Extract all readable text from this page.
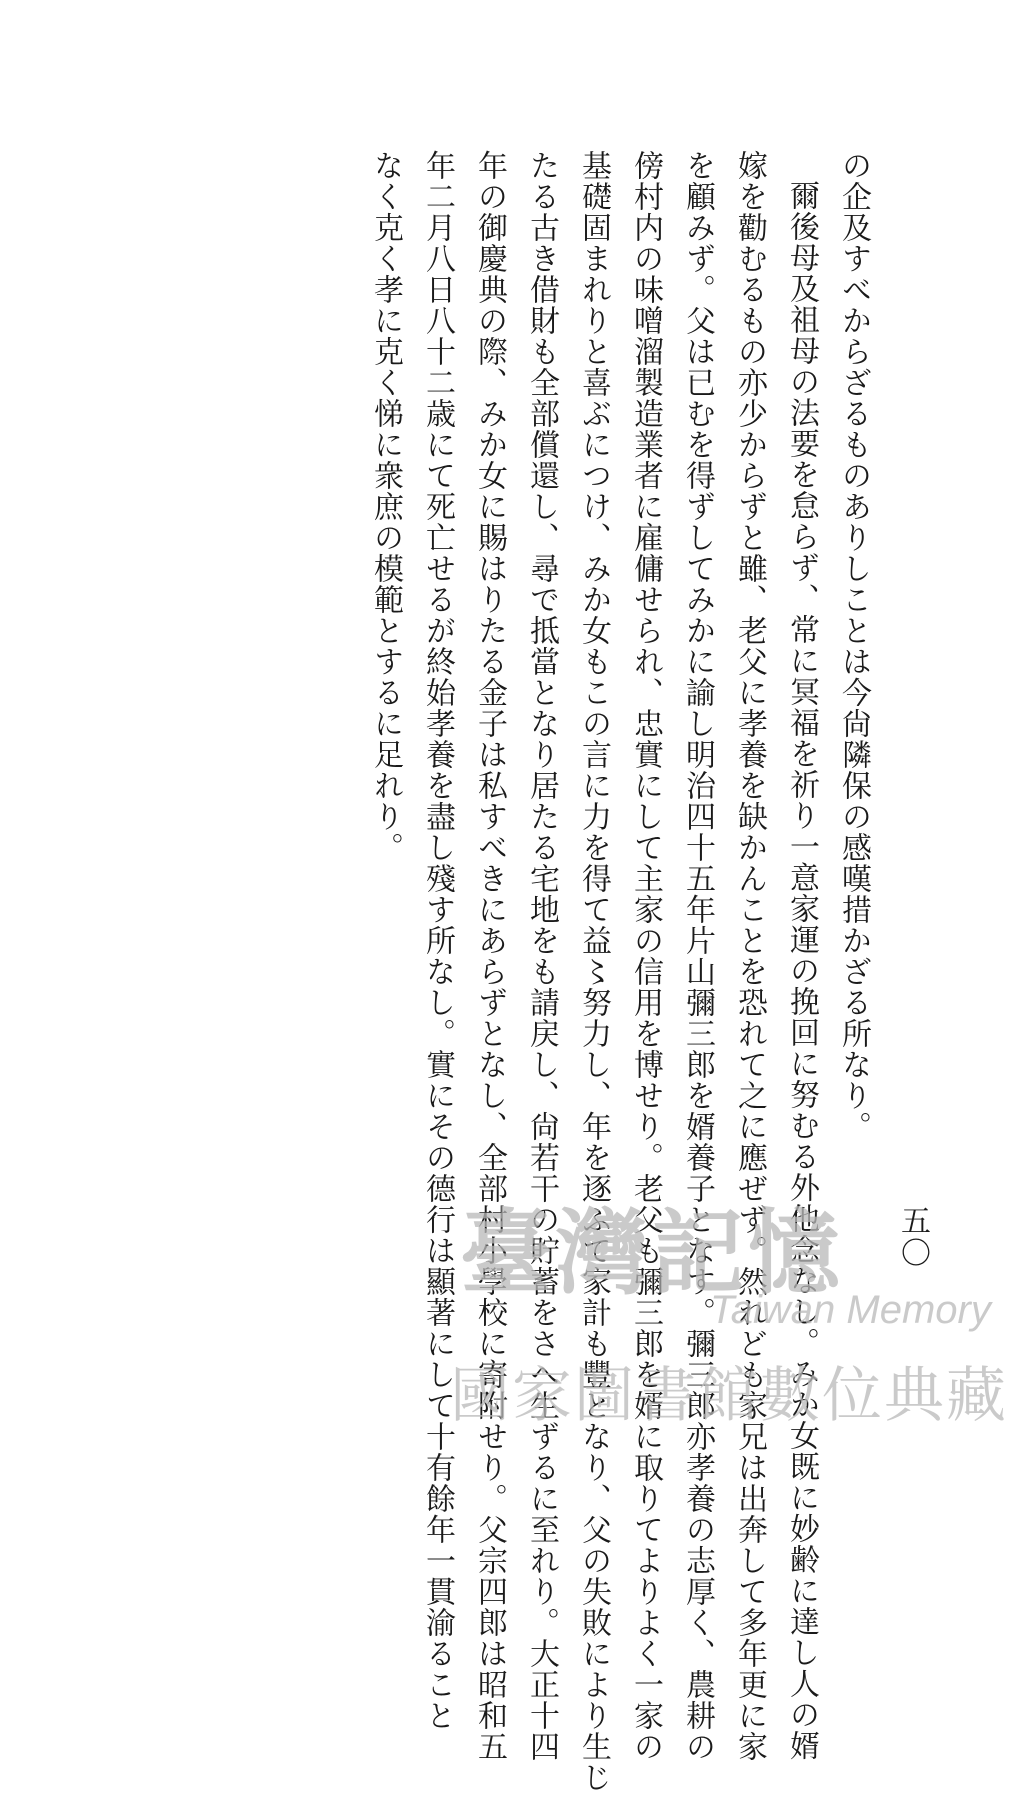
五〇
の企及すべからざるものありしことは今尙隣保の感嘆措かざる所なり。
爾後母及祖母の法要を怠らず、常に冥福を祈り一意家運の挽回に努むる外他念なし。みか女既に妙齢に達し人の婿
嫁を勸むるもの亦少からずと雖、老父に孝養を缺かんことを恐れて之に應ぜず。然れども家兄は出奔して多年更に家
を顧みず。父は已むを得ずしてみかに諭し明治四十五年片山彌三郎を婿養子となす。彌三郎亦孝養の志厚く、農耕の
傍村内の味噌溜製造業者に雇傭せられ、忠實にして主家の信用を博せり。老父も彌三郎を婿に取りてよりよく一家の
基礎固まれりと喜ぶにつけ、みか女もこの言に力を得て益〻努力し、年を逐ふて家計も豐となり、父の失敗により生じ
たる古き借財も全部償還し、尋で抵當となり居たる宅地をも請戻し、尙若干の貯蓄をさへ生ずるに至れり。大正十四
年の御慶典の際、みか女に賜はりたる金子は私すべきにあらずとなし、全部村小學校に寄附せり。父宗四郎は昭和五
年二月八日八十二歳にて死亡せるが終始孝養を盡し殘す所なし。實にその德行は顯著にして十有餘年一貫渝ること
なく克く孝に克く悌に衆庶の模範とするに足れり。
臺灣記憶
Taiwan Memory
國家圖書館數位典藏
